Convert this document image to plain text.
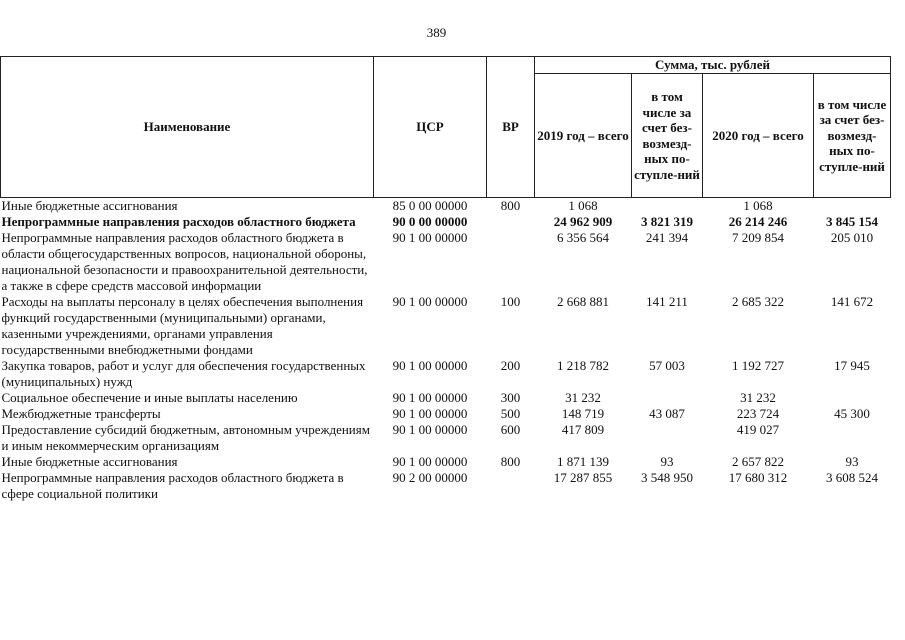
389
Наименование	ЦСР	ВР	Сумма, тыс. рублей			
			2019 год – всего	в том числе за счет без-возмезд-ных по-ступле-ний	2020 год – всего	в том числе за счет без-возмезд-ных по-ступле-ний
Иные бюджетные ассигнования	85 0 00 00000	800	1 068		1 068	
Непрограммные направления расходов областного бюджета	90 0 00 00000		24 962 909	3 821 319	26 214 246	3 845 154
Непрограммные направления расходов областного бюджета в области общегосударственных вопросов, национальной обороны, национальной безопасности и правоохранительной деятельности, а также в сфере средств массовой информации	90 1 00 00000		6 356 564	241 394	7 209 854	205 010
Расходы на выплаты персоналу в целях обеспечения выполнения функций государственными (муниципальными) органами, казенными учреждениями, органами управления государственными внебюджетными фондами	90 1 00 00000	100	2 668 881	141 211	2 685 322	141 672
Закупка товаров, работ и услуг для обеспечения государственных (муниципальных) нужд	90 1 00 00000	200	1 218 782	57 003	1 192 727	17 945
Социальное обеспечение и иные выплаты населению	90 1 00 00000	300	31 232		31 232	
Межбюджетные трансферты	90 1 00 00000	500	148 719	43 087	223 724	45 300
Предоставление субсидий бюджетным, автономным учреждениям и иным некоммерческим организациям	90 1 00 00000	600	417 809		419 027	
Иные бюджетные ассигнования	90 1 00 00000	800	1 871 139	93	2 657 822	93
Непрограммные направления расходов областного бюджета в сфере социальной политики	90 2 00 00000		17 287 855	3 548 950	17 680 312	3 608 524
